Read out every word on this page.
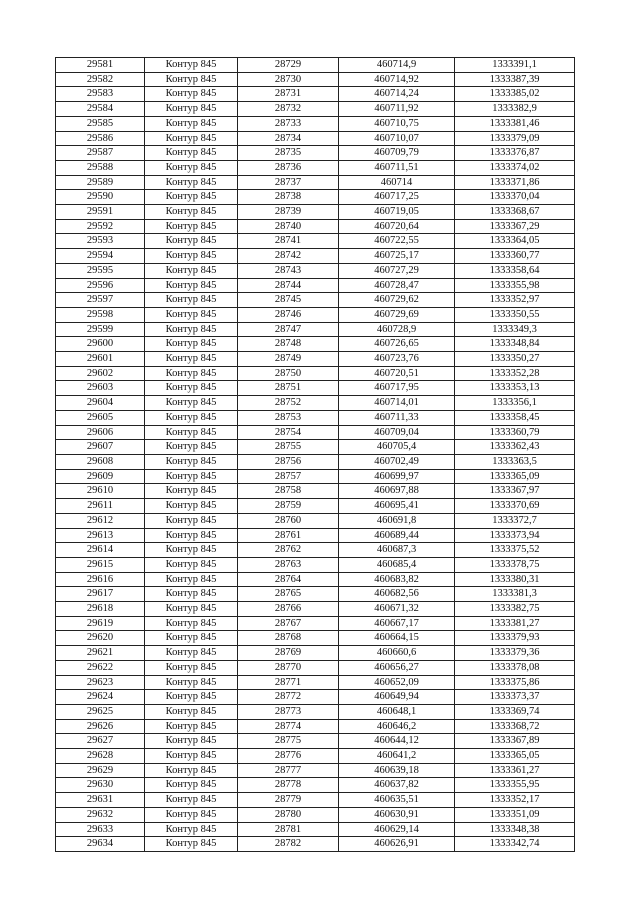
29581	Контур 845	28729	460714,9	1333391,1
29582	Контур 845	28730	460714,92	1333387,39
29583	Контур 845	28731	460714,24	1333385,02
29584	Контур 845	28732	460711,92	1333382,9
29585	Контур 845	28733	460710,75	1333381,46
29586	Контур 845	28734	460710,07	1333379,09
29587	Контур 845	28735	460709,79	1333376,87
29588	Контур 845	28736	460711,51	1333374,02
29589	Контур 845	28737	460714	1333371,86
29590	Контур 845	28738	460717,25	1333370,04
29591	Контур 845	28739	460719,05	1333368,67
29592	Контур 845	28740	460720,64	1333367,29
29593	Контур 845	28741	460722,55	1333364,05
29594	Контур 845	28742	460725,17	1333360,77
29595	Контур 845	28743	460727,29	1333358,64
29596	Контур 845	28744	460728,47	1333355,98
29597	Контур 845	28745	460729,62	1333352,97
29598	Контур 845	28746	460729,69	1333350,55
29599	Контур 845	28747	460728,9	1333349,3
29600	Контур 845	28748	460726,65	1333348,84
29601	Контур 845	28749	460723,76	1333350,27
29602	Контур 845	28750	460720,51	1333352,28
29603	Контур 845	28751	460717,95	1333353,13
29604	Контур 845	28752	460714,01	1333356,1
29605	Контур 845	28753	460711,33	1333358,45
29606	Контур 845	28754	460709,04	1333360,79
29607	Контур 845	28755	460705,4	1333362,43
29608	Контур 845	28756	460702,49	1333363,5
29609	Контур 845	28757	460699,97	1333365,09
29610	Контур 845	28758	460697,88	1333367,97
29611	Контур 845	28759	460695,41	1333370,69
29612	Контур 845	28760	460691,8	1333372,7
29613	Контур 845	28761	460689,44	1333373,94
29614	Контур 845	28762	460687,3	1333375,52
29615	Контур 845	28763	460685,4	1333378,75
29616	Контур 845	28764	460683,82	1333380,31
29617	Контур 845	28765	460682,56	1333381,3
29618	Контур 845	28766	460671,32	1333382,75
29619	Контур 845	28767	460667,17	1333381,27
29620	Контур 845	28768	460664,15	1333379,93
29621	Контур 845	28769	460660,6	1333379,36
29622	Контур 845	28770	460656,27	1333378,08
29623	Контур 845	28771	460652,09	1333375,86
29624	Контур 845	28772	460649,94	1333373,37
29625	Контур 845	28773	460648,1	1333369,74
29626	Контур 845	28774	460646,2	1333368,72
29627	Контур 845	28775	460644,12	1333367,89
29628	Контур 845	28776	460641,2	1333365,05
29629	Контур 845	28777	460639,18	1333361,27
29630	Контур 845	28778	460637,82	1333355,95
29631	Контур 845	28779	460635,51	1333352,17
29632	Контур 845	28780	460630,91	1333351,09
29633	Контур 845	28781	460629,14	1333348,38
29634	Контур 845	28782	460626,91	1333342,74
